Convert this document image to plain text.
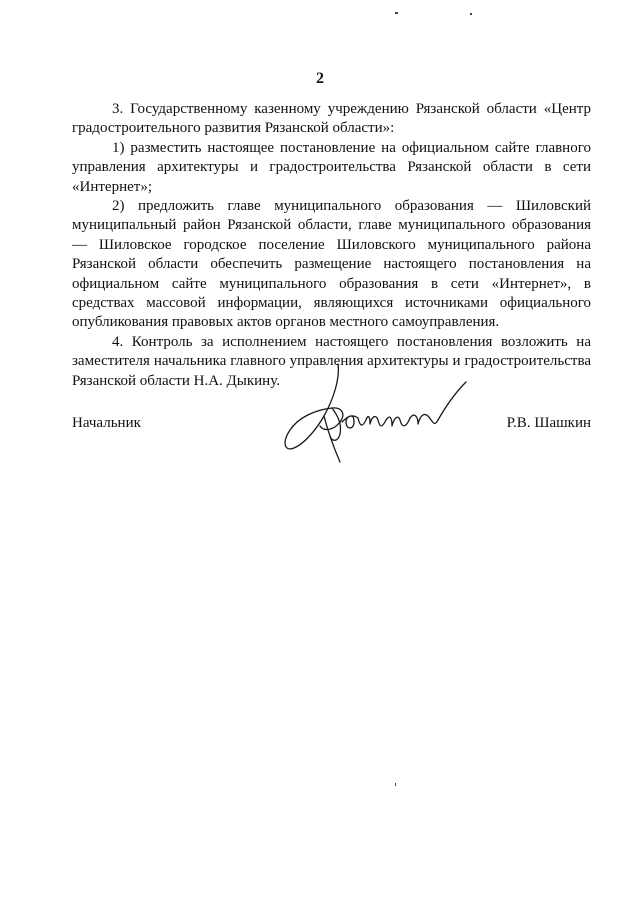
2

3. Государственному казенному учреждению Рязанской области «Центр градостроительного развития Рязанской области»:

1) разместить настоящее постановление на официальном сайте главного управления архитектуры и градостроительства Рязанской области в сети «Интернет»;

2) предложить главе муниципального образования — Шиловский муниципальный район Рязанской области, главе муниципального образования — Шиловское городское поселение Шиловского муниципального района Рязанской области обеспечить размещение настоящего постановления на официальном сайте муниципального образования в сети «Интернет», в средствах массовой информации, являющихся источниками официального опубликования правовых актов органов местного самоуправления.

4. Контроль за исполнением настоящего постановления возложить на заместителя начальника главного управления архитектуры и градостроительства Рязанской области Н.А. Дыкину.

Начальник	Р.В. Шашкин
